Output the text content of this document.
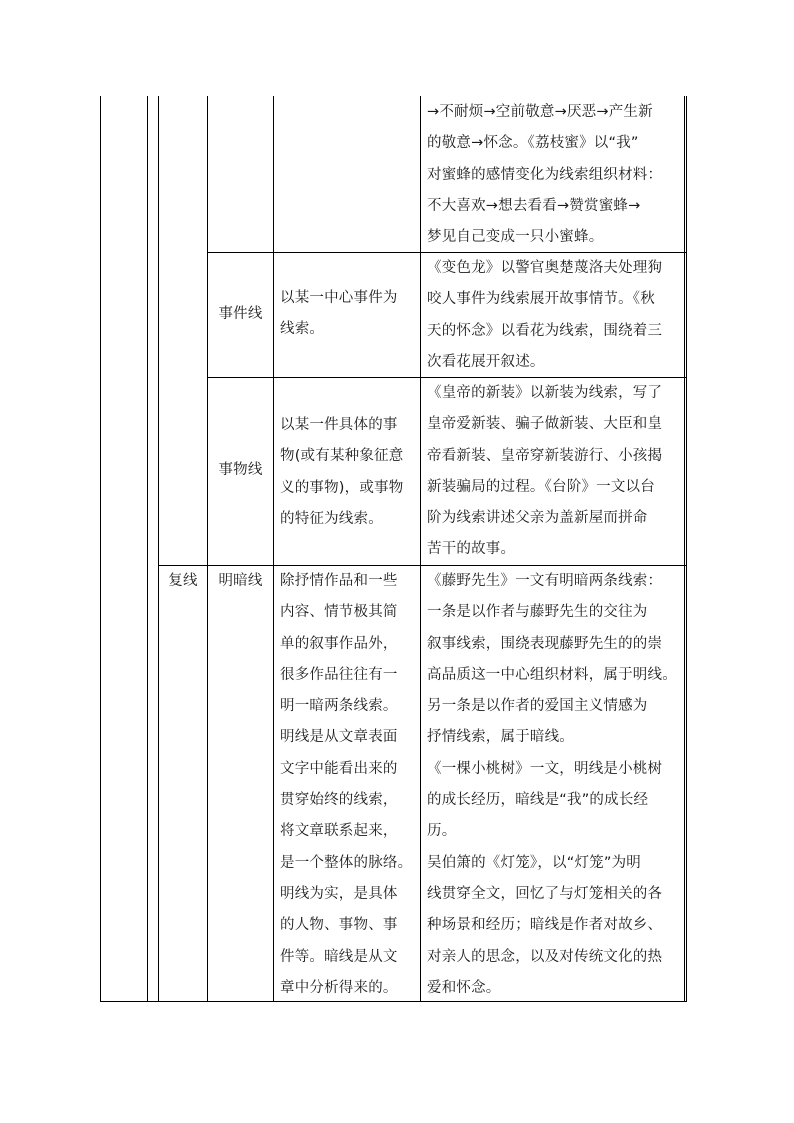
→不耐烦→空前敬意→厌恶→产生新
的敬意→怀念。《荔枝蜜》以“我”
对蜜蜂的感情变化为线索组织材料：
不大喜欢→想去看看→赞赏蜜蜂→
梦见自己变成一只小蜜蜂。
事件线
以某一中心事件为
线索。
《变色龙》以警官奥楚蔑洛夫处理狗
咬人事件为线索展开故事情节。《秋
天的怀念》以看花为线索，围绕着三
次看花展开叙述。
事物线
以某一件具体的事
物(或有某种象征意
义的事物)，或事物
的特征为线索。
《皇帝的新装》以新装为线索，写了
皇帝爱新装、骗子做新装、大臣和皇
帝看新装、皇帝穿新装游行、小孩揭
新装骗局的过程。《台阶》一文以台
阶为线索讲述父亲为盖新屋而拼命
苦干的故事。
复线	明暗线	除抒情作品和一些
内容、情节极其简
单的叙事作品外，
很多作品往往有一
明一暗两条线索。
明线是从文章表面
文字中能看出来的
贯穿始终的线索，
将文章联系起来，
是一个整体的脉络。
明线为实，是具体
的人物、事物、事
件等。暗线是从文
章中分析得来的。
《藤野先生》一文有明暗两条线索：
一条是以作者与藤野先生的交往为
叙事线索，围绕表现藤野先生的的崇
高品质这一中心组织材料，属于明线。
另一条是以作者的爱国主义情感为
抒情线索，属于暗线。
《一棵小桃树》一文，明线是小桃树
的成长经历，暗线是“我”的成长经
历。
吴伯箫的《灯笼》，以“灯笼”为明
线贯穿全文，回忆了与灯笼相关的各
种场景和经历；暗线是作者对故乡、
对亲人的思念，以及对传统文化的热
爱和怀念。
